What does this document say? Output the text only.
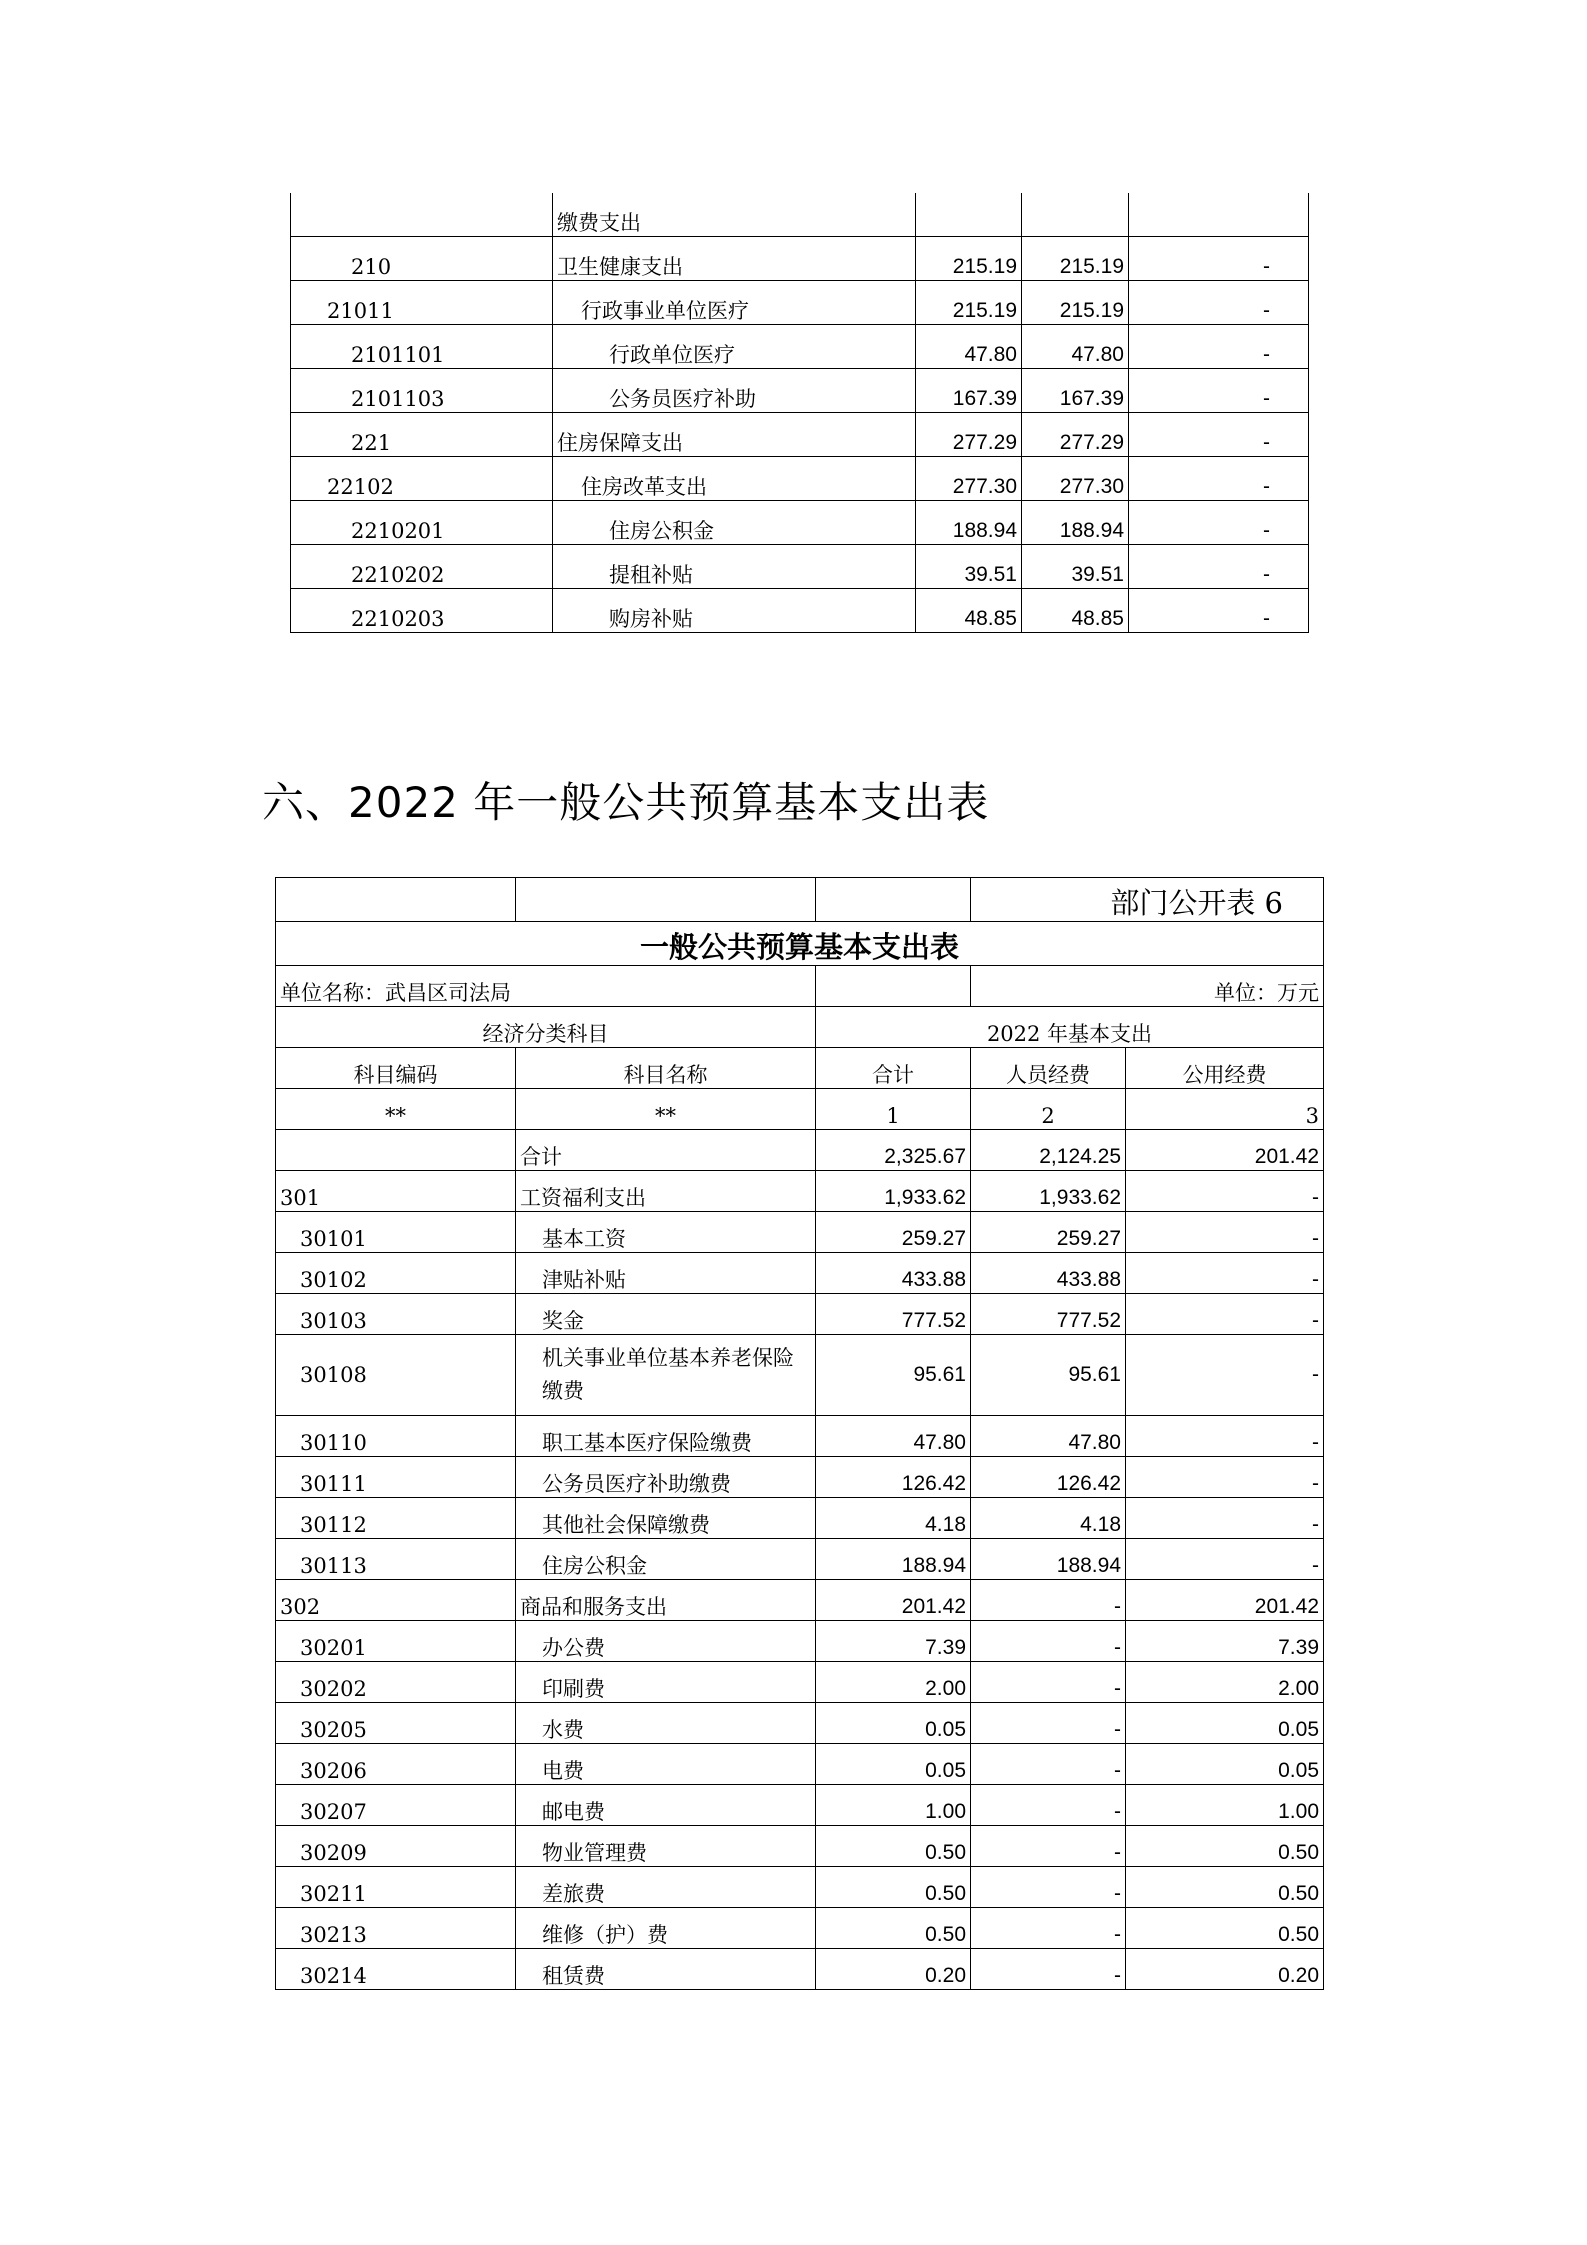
	缴费支出			
210	卫生健康支出	215.19	215.19	-
21011	行政事业单位医疗	215.19	215.19	-
2101101	行政单位医疗	47.80	47.80	-
2101103	公务员医疗补助	167.39	167.39	-
221	住房保障支出	277.29	277.29	-
22102	住房改革支出	277.30	277.30	-
2210201	住房公积金	188.94	188.94	-
2210202	提租补贴	39.51	39.51	-
2210203	购房补贴	48.85	48.85	-
六、2022 年一般公共预算基本支出表
			部门公开表 6	
一般公共预算基本支出表				
单位名称：武昌区司法局			单位：万元	
经济分类科目		2022 年基本支出		
科目编码	科目名称	合计	人员经费	公用经费
**	**	1	2	3
	合计	2,325.67	2,124.25	201.42
301	工资福利支出	1,933.62	1,933.62	-
30101	基本工资	259.27	259.27	-
30102	津贴补贴	433.88	433.88	-
30103	奖金	777.52	777.52	-
30108	机关事业单位基本养老保险缴费	95.61	95.61	-
30110	职工基本医疗保险缴费	47.80	47.80	-
30111	公务员医疗补助缴费	126.42	126.42	-
30112	其他社会保障缴费	4.18	4.18	-
30113	住房公积金	188.94	188.94	-
302	商品和服务支出	201.42	-	201.42
30201	办公费	7.39	-	7.39
30202	印刷费	2.00	-	2.00
30205	水费	0.05	-	0.05
30206	电费	0.05	-	0.05
30207	邮电费	1.00	-	1.00
30209	物业管理费	0.50	-	0.50
30211	差旅费	0.50	-	0.50
30213	维修（护）费	0.50	-	0.50
30214	租赁费	0.20	-	0.20
